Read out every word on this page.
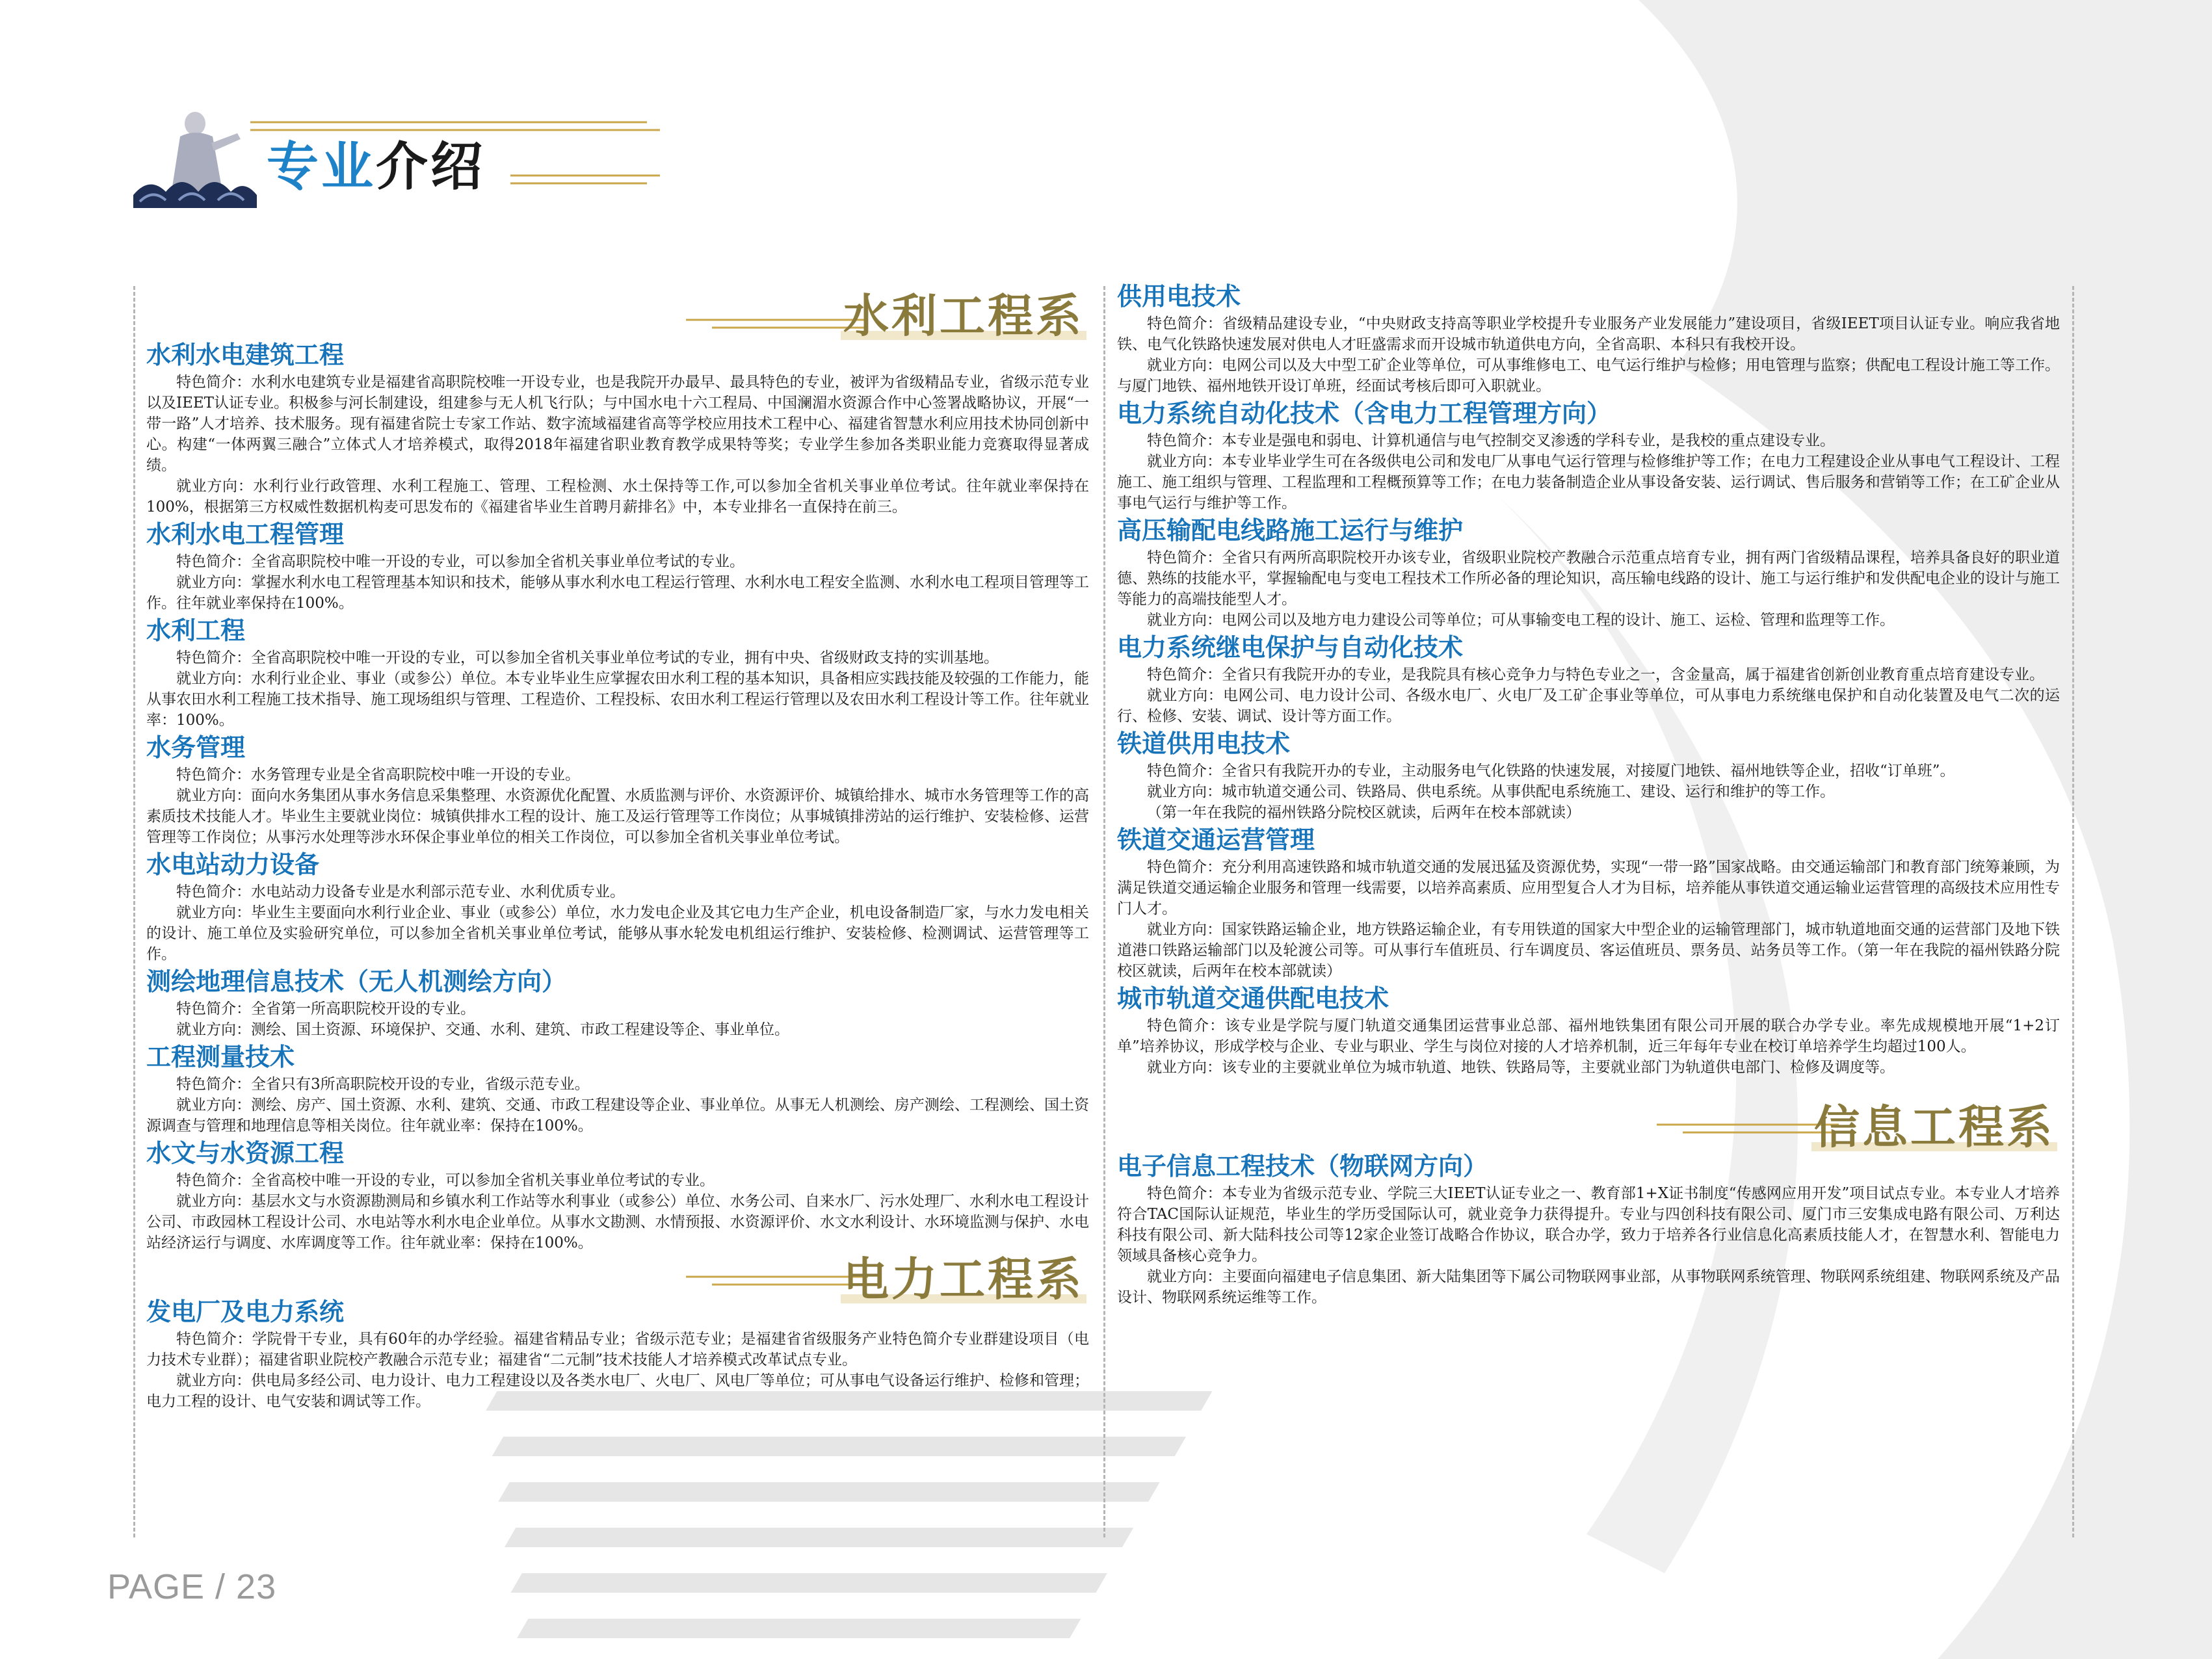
专业介绍
水利工程系
水利水电建筑工程

特色简介：水利水电建筑专业是福建省高职院校唯一开设专业，也是我院开办最早、最具特色的专业，被评为省级精品专业，省级示范专业以及IEET认证专业。积极参与河长制建设，组建参与无人机飞行队；与中国水电十六工程局、中国澜湄水资源合作中心签署战略协议，开展“一带一路”人才培养、技术服务。现有福建省院士专家工作站、数字流域福建省高等学校应用技术工程中心、福建省智慧水利应用技术协同创新中心。构建“一体两翼三融合”立体式人才培养模式，取得2018年福建省职业教育教学成果特等奖；专业学生参加各类职业能力竞赛取得显著成绩。

就业方向：水利行业行政管理、水利工程施工、管理、工程检测、水土保持等工作,可以参加全省机关事业单位考试。往年就业率保持在100%，根据第三方权威性数据机构麦可思发布的《福建省毕业生首聘月薪排名》中，本专业排名一直保持在前三。

水利水电工程管理

特色简介：全省高职院校中唯一开设的专业，可以参加全省机关事业单位考试的专业。

就业方向：掌握水利水电工程管理基本知识和技术，能够从事水利水电工程运行管理、水利水电工程安全监测、水利水电工程项目管理等工作。往年就业率保持在100%。

水利工程

特色简介：全省高职院校中唯一开设的专业，可以参加全省机关事业单位考试的专业，拥有中央、省级财政支持的实训基地。

就业方向：水利行业企业、事业（或参公）单位。本专业毕业生应掌握农田水利工程的基本知识，具备相应实践技能及较强的工作能力，能从事农田水利工程施工技术指导、施工现场组织与管理、工程造价、工程投标、农田水利工程运行管理以及农田水利工程设计等工作。往年就业率：100%。

水务管理

特色简介：水务管理专业是全省高职院校中唯一开设的专业。

就业方向：面向水务集团从事水务信息采集整理、水资源优化配置、水质监测与评价、水资源评价、城镇给排水、城市水务管理等工作的高素质技术技能人才。毕业生主要就业岗位：城镇供排水工程的设计、施工及运行管理等工作岗位；从事城镇排涝站的运行维护、安装检修、运营管理等工作岗位；从事污水处理等涉水环保企事业单位的相关工作岗位，可以参加全省机关事业单位考试。

水电站动力设备

特色简介：水电站动力设备专业是水利部示范专业、水利优质专业。

就业方向：毕业生主要面向水利行业企业、事业（或参公）单位，水力发电企业及其它电力生产企业，机电设备制造厂家，与水力发电相关的设计、施工单位及实验研究单位，可以参加全省机关事业单位考试，能够从事水轮发电机组运行维护、安装检修、检测调试、运营管理等工作。

测绘地理信息技术（无人机测绘方向）

特色简介：全省第一所高职院校开设的专业。

就业方向：测绘、国土资源、环境保护、交通、水利、建筑、市政工程建设等企、事业单位。

工程测量技术

特色简介：全省只有3所高职院校开设的专业，省级示范专业。

就业方向：测绘、房产、国土资源、水利、建筑、交通、市政工程建设等企业、事业单位。从事无人机测绘、房产测绘、工程测绘、国土资源调查与管理和地理信息等相关岗位。往年就业率：保持在100%。

水文与水资源工程

特色简介：全省高校中唯一开设的专业，可以参加全省机关事业单位考试的专业。

就业方向：基层水文与水资源勘测局和乡镇水利工作站等水利事业（或参公）单位、水务公司、自来水厂、污水处理厂、水利水电工程设计公司、市政园林工程设计公司、水电站等水利水电企业单位。从事水文勘测、水情预报、水资源评价、水文水利设计、水环境监测与保护、水电站经济运行与调度、水库调度等工作。往年就业率：保持在100%。

电力工程系
发电厂及电力系统

特色简介：学院骨干专业，具有60年的办学经验。福建省精品专业；省级示范专业；是福建省省级服务产业特色简介专业群建设项目（电力技术专业群）；福建省职业院校产教融合示范专业；福建省“二元制”技术技能人才培养模式改革试点专业。

就业方向：供电局多经公司、电力设计、电力工程建设以及各类水电厂、火电厂、风电厂等单位；可从事电气设备运行维护、检修和管理；电力工程的设计、电气安装和调试等工作。

供用电技术

特色简介：省级精品建设专业，“中央财政支持高等职业学校提升专业服务产业发展能力”建设项目，省级IEET项目认证专业。响应我省地铁、电气化铁路快速发展对供电人才旺盛需求而开设城市轨道供电方向，全省高职、本科只有我校开设。

就业方向：电网公司以及大中型工矿企业等单位，可从事维修电工、电气运行维护与检修；用电管理与监察；供配电工程设计施工等工作。与厦门地铁、福州地铁开设订单班，经面试考核后即可入职就业。

电力系统自动化技术（含电力工程管理方向）

特色简介：本专业是强电和弱电、计算机通信与电气控制交叉渗透的学科专业，是我校的重点建设专业。

就业方向：本专业毕业学生可在各级供电公司和发电厂从事电气运行管理与检修维护等工作；在电力工程建设企业从事电气工程设计、工程施工、施工组织与管理、工程监理和工程概预算等工作；在电力装备制造企业从事设备安装、运行调试、售后服务和营销等工作；在工矿企业从事电气运行与维护等工作。

高压输配电线路施工运行与维护

特色简介：全省只有两所高职院校开办该专业，省级职业院校产教融合示范重点培育专业，拥有两门省级精品课程，培养具备良好的职业道德、熟练的技能水平，掌握输配电与变电工程技术工作所必备的理论知识，高压输电线路的设计、施工与运行维护和发供配电企业的设计与施工等能力的高端技能型人才。

就业方向：电网公司以及地方电力建设公司等单位；可从事输变电工程的设计、施工、运检、管理和监理等工作。

电力系统继电保护与自动化技术

特色简介：全省只有我院开办的专业，是我院具有核心竞争力与特色专业之一，含金量高，属于福建省创新创业教育重点培育建设专业。

就业方向：电网公司、电力设计公司、各级水电厂、火电厂及工矿企事业等单位，可从事电力系统继电保护和自动化装置及电气二次的运行、检修、安装、调试、设计等方面工作。

铁道供用电技术

特色简介：全省只有我院开办的专业，主动服务电气化铁路的快速发展，对接厦门地铁、福州地铁等企业，招收“订单班”。

就业方向：城市轨道交通公司、铁路局、供电系统。从事供配电系统施工、建设、运行和维护的等工作。

（第一年在我院的福州铁路分院校区就读，后两年在校本部就读）

铁道交通运营管理

特色简介：充分利用高速铁路和城市轨道交通的发展迅猛及资源优势，实现“一带一路”国家战略。由交通运输部门和教育部门统筹兼顾，为满足铁道交通运输企业服务和管理一线需要，以培养高素质、应用型复合人才为目标，培养能从事铁道交通运输业运营管理的高级技术应用性专门人才。

就业方向：国家铁路运输企业，地方铁路运输企业，有专用铁道的国家大中型企业的运输管理部门，城市轨道地面交通的运营部门及地下铁道港口铁路运输部门以及轮渡公司等。可从事行车值班员、行车调度员、客运值班员、票务员、站务员等工作。（第一年在我院的福州铁路分院校区就读，后两年在校本部就读）

城市轨道交通供配电技术

特色简介：该专业是学院与厦门轨道交通集团运营事业总部、福州地铁集团有限公司开展的联合办学专业。率先成规模地开展“1+2订单”培养协议，形成学校与企业、专业与职业、学生与岗位对接的人才培养机制，近三年每年专业在校订单培养学生均超过100人。

就业方向：该专业的主要就业单位为城市轨道、地铁、铁路局等，主要就业部门为轨道供电部门、检修及调度等。

信息工程系
电子信息工程技术（物联网方向）

特色简介：本专业为省级示范专业、学院三大IEET认证专业之一、教育部1+X证书制度“传感网应用开发”项目试点专业。本专业人才培养符合TAC国际认证规范，毕业生的学历受国际认可，就业竞争力获得提升。专业与四创科技有限公司、厦门市三安集成电路有限公司、万利达科技有限公司、新大陆科技公司等12家企业签订战略合作协议，联合办学，致力于培养各行业信息化高素质技能人才，在智慧水利、智能电力领域具备核心竞争力。

就业方向：主要面向福建电子信息集团、新大陆集团等下属公司物联网事业部，从事物联网系统管理、物联网系统组建、物联网系统及产品设计、物联网系统运维等工作。

PAGE / 23
